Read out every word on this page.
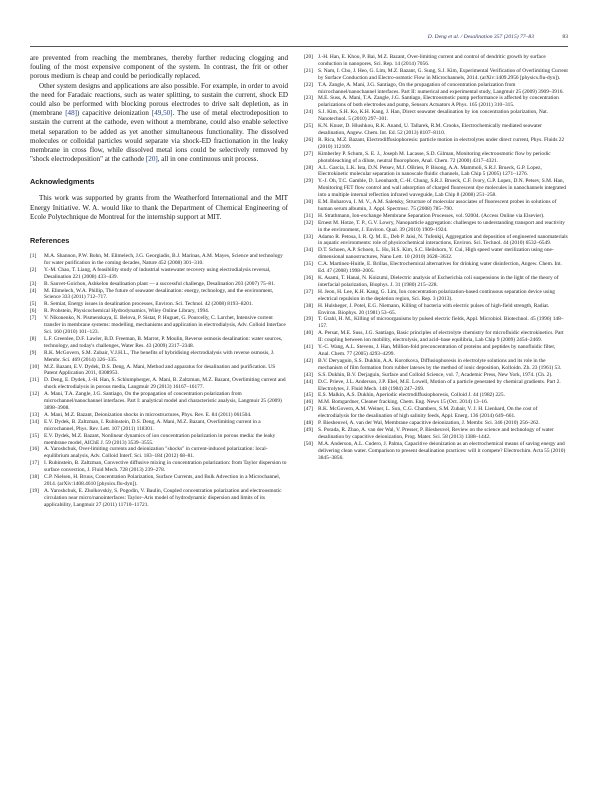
D. Deng et al. / Desalination 357 (2015) 77–83	83

are prevented from reaching the membranes, thereby further reducing clogging and fouling of the most expensive component of the system. In contrast, the frit or other porous medium is cheap and could be periodically replaced.

Other system designs and applications are also possible. For example, in order to avoid the need for Faradaic reactions, such as water splitting, to sustain the current, shock ED could also be performed with blocking porous electrodes to drive salt depletion, as in (membrane [48]) capacitive deionization [49,50]. The use of metal electrodeposition to sustain the current at the cathode, even without a membrane, could also enable selective metal separation to be added as yet another simultaneous functionality. The dissolved molecules or colloidal particles would separate via shock-ED fractionation in the leaky membrane in cross flow, while dissolved metal ions could be selectively removed by "shock electrodeposition" at the cathode [20], all in one continuous unit process.

Acknowledgments

This work was supported by grants from the Weatherford International and the MIT Energy Initiative. W. A. would like to thank the Department of Chemical Engineering of Ecole Polytechnique de Montreal for the internship support at MIT.

References
[1]	M.A. Shannon, P.W. Bohn, M. Elimelech, J.G. Georgiadis, B.J. Marinas, A.M. Mayes, Science and technology for water purification in the coming decades, Nature 452 (2008) 301–310.
[2]	Y.-M. Chao, T. Liang, A feasibility study of industrial wastewater recovery using electrodialysis reversal, Desalination 221 (2008) 433–439.
[3]	B. Sauvet-Goichon, Ashkelon desalination plant — a successful challenge, Desalination 203 (2007) 75–81.
[4]	M. Elimelech, W.A. Phillip, The future of seawater desalination: energy, technology, and the environment, Science 333 (2011) 712–717.
[5]	R. Semiat, Energy issues in desalination processes, Environ. Sci. Technol. 42 (2008) 8193–8201.
[6]	R. Probstein, Physicochemical Hydrodynamics, Wiley Online Library, 1994.
[7]	V. Nikonenko, N. Pismenskaya, E. Belova, P. Sistat, P. Huguet, G. Pourcelly, C. Larchet, Intensive current transfer in membrane systems: modelling, mechanisms and application in electrodialysis, Adv. Colloid Interface Sci. 160 (2010) 101–123.
[8]	L.F. Greenlee, D.F. Lawler, B.D. Freeman, B. Marrot, P. Moulin, Reverse osmosis desalination: water sources, technology, and today's challenges, Water Res. 43 (2009) 2317–2348.
[9]	R.K. McGovern, S.M. Zubair, V.J.H.L., The benefits of hybridising electrodialysis with reverse osmosis, J. Membr. Sci. 469 (2014) 326–335.
[10] M.Z. Bazant, E.V. Dydek, D.S. Deng, A. Mani, Method and apparatus for desalination and purification. US Patent Application 2011, 0308953.
[11] D. Deng, E. Dydek, J.-H. Han, S. Schlumpberger, A. Mani, B. Zaltzman, M.Z. Bazant, Overlimiting current and shock electrodialysis in porous media, Langmuir 29 (2013) 16167–16177.
[12] A. Mani, T.A. Zangle, J.G. Santiago, On the propagation of concentration polarization from microchannel/nanochannel interfaces. Part I: analytical model and characteristic analysis, Langmuir 25 (2009) 3898–3908.
[13] A. Mani, M.Z. Bazant, Deionization shocks in microstructures, Phys. Rev. E. 84 (2011) 061504.
[14] E.V. Dydek, B. Zaltzman, I. Rubinstein, D.S. Deng, A. Mani, M.Z. Bazant, Overlimiting current in a microchannel, Phys. Rev. Lett. 107 (2011) 118301.
[15] E.V. Dydek, M.Z. Bazant, Nonlinear dynamics of ion concentration polarization in porous media: the leaky membrane model, AIChE J. 59 (2013) 3539–3555.
[16] A. Yaroshchuk, Over-limiting currents and deionization "shocks" in current-induced polarization: local-equilibrium analysis, Adv. Colloid Interf. Sci. 183–184 (2012) 68–81.
[17] I. Rubinstein, B. Zaltzman, Convective diffusive mixing in concentration polarization: from Taylor dispersion to surface convection, J. Fluid Mech. 728 (2013) 239–278.
[18] C.P. Nielsen, H. Bruus, Concentration Polarization, Surface Currents, and Bulk Advection in a Microchannel, 2014. (arXiv:1408.4610 [physics.flu-dyn]).
[19] A. Yaroshchuk, E. Zholkovskiy, S. Pogodin, V. Baulin, Coupled concentration polarization and electroosmotic circulation near micro/nanointerfaces: Taylor–Aris model of hydrodynamic dispersion and limits of its applicability, Langmuir 27 (2011) 11710–11721.
[20] J.-H. Han, E. Khoo, P. Bai, M.Z. Bazant, Over-limiting current and control of dendritic growth by surface conduction in nanopores, Sci. Rep. 14 (2014) 7056.
[21] S. Nam, I. Cho, J. Heo, G. Lim, M.Z. Bazant, G. Sung, S.J. Kim, Experimental Verification of Overlimiting Current by Surface Conduction and Electro-osmotic Flow in Microchannels, 2014. (arXiv:1409.2956 [physics.flu-dyn]).
[22] T.A. Zangle, A. Mani, J.G. Santiago, On the propagation of concentration polarization from microchannel/nanochannel interfaces. Part II: numerical and experimental study, Langmuir 25 (2009) 3909–3916.
[23] M.E. Suss, A. Mani, T.A. Zangle, J.G. Santiago, Electroosmotic pump performance is affected by concentration polarizations of both electrodes and pump, Sensors Actuators A Phys. 165 (2011) 310–315.
[24] S.J. Kim, S.H. Ko, K.H. Kang, J. Han, Direct seawater desalination by ion concentration polarization, Nat. Nanotechnol. 5 (2010) 297–301.
[25] K.N. Knust, D. Hlushkou, R.K. Anand, U. Tallarek, R.M. Crooks, Electrochemically mediated seawater desalination, Angew. Chem. Int. Ed. 52 (2013) 8107–8110.
[26] R. Rica, M.Z. Bazant, Electrodiffusiophoresis: particle motion in electrolytes under direct current, Phys. Fluids 22 (2010) 112109.
[27] Kimberley P. Schum, S. E. J., Joseph M. Lacasse, S.D. Gilman, Monitoring electroosmotic flow by periodic photobleaching of a dilute, neutral fluorophore, Anal. Chem. 72 (2000) 4317–4321.
[28] A.L. Garcia, L.K. Ista, D.N. Petsev, M.J. OBrien, P. Bisong, A.A. Mammoli, S.R.J. Brueck, G.P. Lopez, Electrokinetic molecular separation in nanoscale fluidic channels, Lab Chip 5 (2005) 1271–1276.
[29] Y.-J. Oh, T.C. Gamble, D. Leonhardt, C.-H. Chung, S.R.J. Brueck, C.F. Ivory, G.P. Lopez, D.N. Petsev, S.M. Han, Monitoring FET flow control and wall adsorption of charged fluorescent dye molecules in nanochannels integrated into a multiple internal reflection infrared waveguide, Lab Chip 8 (2008) 251–258.
[30] E.M. Buharova, I. M. V., A.M. Saletsky, Structure of molecular associates of fluorescent probes in solutions of human serum albumin, J. Appl. Spectrosc. 75 (2008) 785–790.
[31] H. Strathmann, Ion-exchange Membrane Separation Processes, vol. 92004. (Access Online via Elsevier).
[32] Ernest M. Hotze, T. P., G.V. Lowry, Nanoparticle aggregation: challenges to understanding transport and reactivity in the environment, J. Environ. Qual. 39 (2010) 1909–1924.
[33] Adamo R. Petosa, I. R. Q. M. E., Deb P. Jaisi, N. Tufenkji, Aggregation and deposition of engineered nanomaterials in aquatic environments: role of physicochemical interactions, Environ. Sci. Technol. 44 (2010) 6532–6549.
[34] D.T. Schoen, A.P. Schoen, L. Hu, H.S. Kim, S.C. Heilshorn, Y. Cui, High speed water sterilization using one-dimensional nanostructures, Nano Lett. 10 (2010) 3628–3632.
[35] C.A. Martinez-Huitle, E. Brillas, Electrochemical alternatives for drinking water disinfection, Angew. Chem. Int. Ed. 47 (2008) 1998–2005.
[36] K. Asami, T. Hanai, N. Koizumi, Dielectric analysis of Escherichia coli suspensions in the light of the theory of interfacial polarization, Biophys. J. 31 (1980) 215–228.
[37] H. Jeon, H. Lee, K.H. Kang, G. Lim, Ion concentration polarization-based continuous separation device using electrical repulsion in the depletion region, Sci. Rep. 3 (2013).
[38] H. Hulsheger, J. Potel, E.G. Niemann, Killing of bacteria with electric pulses of high-field strength, Radiat. Environ. Biophys. 20 (1981) 53–65.
[39] T. Grahl, H. M., Killing of microorganisms by pulsed electric fields, Appl. Microbiol. Biotechnol. 45 (1996) 148–157.
[40] A. Persat, M.E. Suss, J.G. Santiago, Basic principles of electrolyte chemistry for microfluidic electrokinetics. Part II: coupling between ion mobility, electrolysis, and acid–base equilibria, Lab Chip 9 (2009) 2454–2469.
[41] Y.-C. Wang, A.L. Stevens, J. Han, Million-fold preconcentration of proteins and peptides by nanofluidic filter, Anal. Chem. 77 (2005) 4293–4299.
[42] B.V. Deryaguin, S.S. Dukhin, A.A. Korotkova, Diffusiophoresis in electrolyte solutions and its role in the mechanism of film formation from rubber latexes by the method of ionic deposition, Kolloidn. Zh. 23 (1961) 53.
[43] S.S. Dukhin, B.V. Derjaguin, Surface and Colloid Science, vol. 7, Academic Press, New York, 1974. (Ch. 2).
[44] D.C. Prieve, J.L. Anderson, J.P. Ebel, M.E. Lowell, Motion of a particle generated by chemical gradients. Part 2. Electrolytes, J. Fluid Mech. 148 (1984) 247–269.
[45] E.S. Malkin, A.S. Dukhin, Aperiodic electrodiffusiophoresis, Colloid J. 44 (1982) 225.
[46] M.M. Bomgardner, Cleaner fracking, Chem. Eng. News 15 (Oct. 2014) 13–16.
[47] R.K. McGovern, A.M. Weiner, L. Sun, C.G. Chambers, S.M. Zubair, V. J. H. Lienhard, On the cost of electrodialysis for the desalination of high salinity feeds, Appl. Energ. 136 (2014) 649–661.
[48] P. Biesheuvel, A. van der Wal, Membrane capacitive deionization, J. Membr. Sci. 346 (2010) 256–262.
[49] S. Porada, R. Zhao, A. van der Wal, V. Presser, P. Biesheuvel, Review on the science and technology of water desalination by capacitive deionization, Prog. Mater. Sci. 58 (2013) 1388–1442.
[50] M.A. Anderson, A.L. Cudero, J. Palma, Capacitive deionization as an electrochemical means of saving energy and delivering clean water. Comparison to present desalination practices: will it compete? Electrochim. Acta 55 (2010) 3845–3856.
